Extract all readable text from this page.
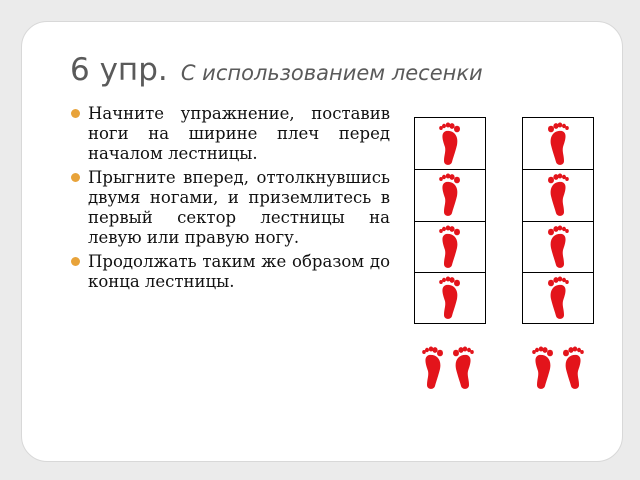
6 упр. С использованием лесенки
Начните упражнение, поставив ноги на ширине плеч перед началом лестницы.
Прыгните вперед, оттолкнувшись двумя ногами, и приземлитесь в первый сектор лестницы на левую или правую ногу.
Продолжать таким же образом до конца лестницы.
